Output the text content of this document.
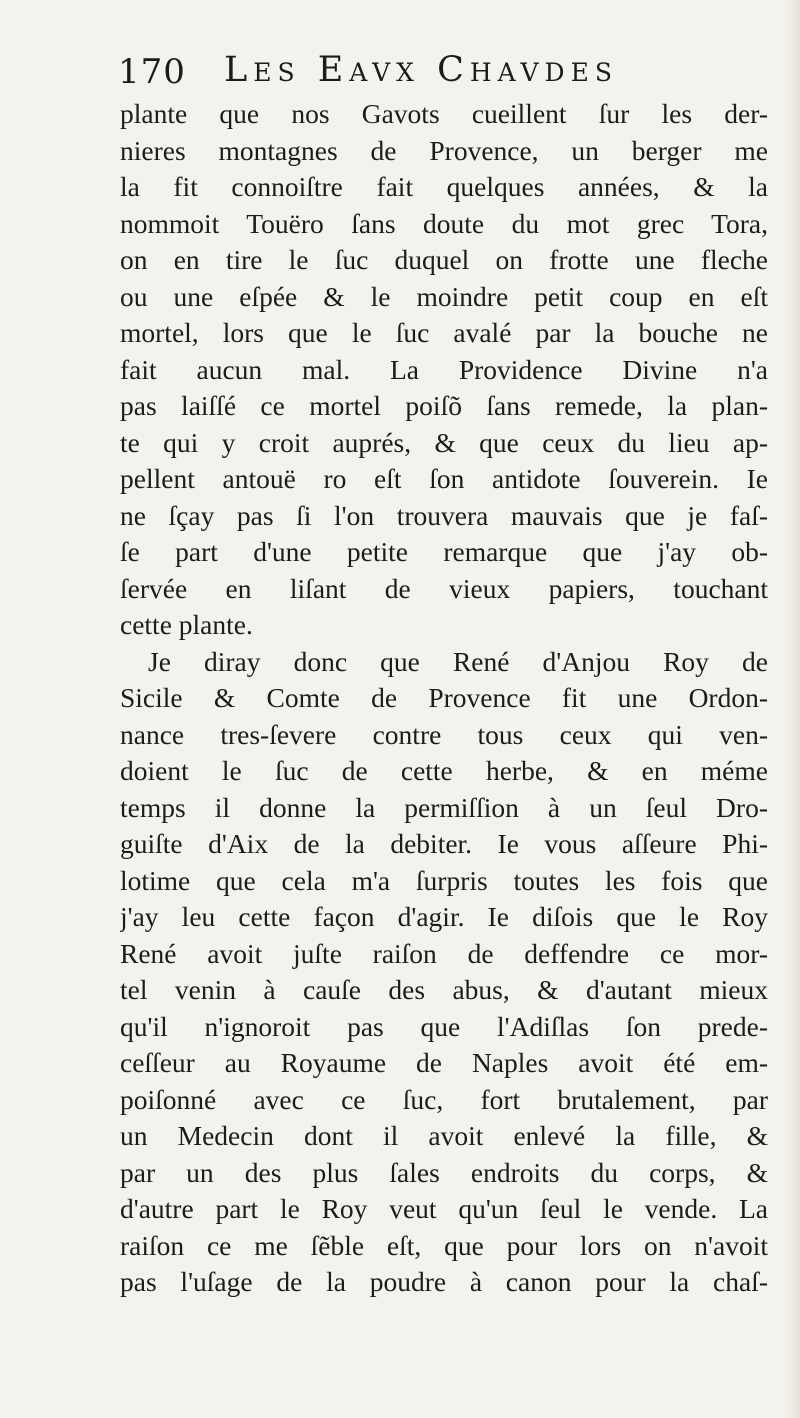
170 Les Eavx Chavdes
plante que nos Gavots cueillent ſur les der-
nieres montagnes de Provence, un berger me
la fit connoiſtre fait quelques années, & la
nommoit Touëro ſans doute du mot grec Tora,
on en tire le ſuc duquel on frotte une fleche
ou une eſpée & le moindre petit coup en eſt
mortel, lors que le ſuc avalé par la bouche ne
fait aucun mal. La Providence Divine n'a
pas laiſſé ce mortel poiſõ ſans remede, la plan-
te qui y croit auprés, & que ceux du lieu ap-
pellent antouë ro eſt ſon antidote ſouverein. Ie
ne ſçay pas ſi l'on trouvera mauvais que je faſ-
ſe part d'une petite remarque que j'ay ob-
ſervée en liſant de vieux papiers, touchant
cette plante.
Je diray donc que René d'Anjou Roy de
Sicile & Comte de Provence fit une Ordon-
nance tres-ſevere contre tous ceux qui ven-
doient le ſuc de cette herbe, & en méme
temps il donne la permiſſion à un ſeul Dro-
guiſte d'Aix de la debiter. Ie vous aſſeure Phi-
lotime que cela m'a ſurpris toutes les fois que
j'ay leu cette façon d'agir. Ie diſois que le Roy
René avoit juſte raiſon de deffendre ce mor-
tel venin à cauſe des abus, & d'autant mieux
qu'il n'ignoroit pas que l'Adiſlas ſon prede-
ceſſeur au Royaume de Naples avoit été em-
poiſonné avec ce ſuc, fort brutalement, par
un Medecin dont il avoit enlevé la fille, &
par un des plus ſales endroits du corps, &
d'autre part le Roy veut qu'un ſeul le vende. La
raiſon ce me ſẽble eſt, que pour lors on n'avoit
pas l'uſage de la poudre à canon pour la chaſ-
